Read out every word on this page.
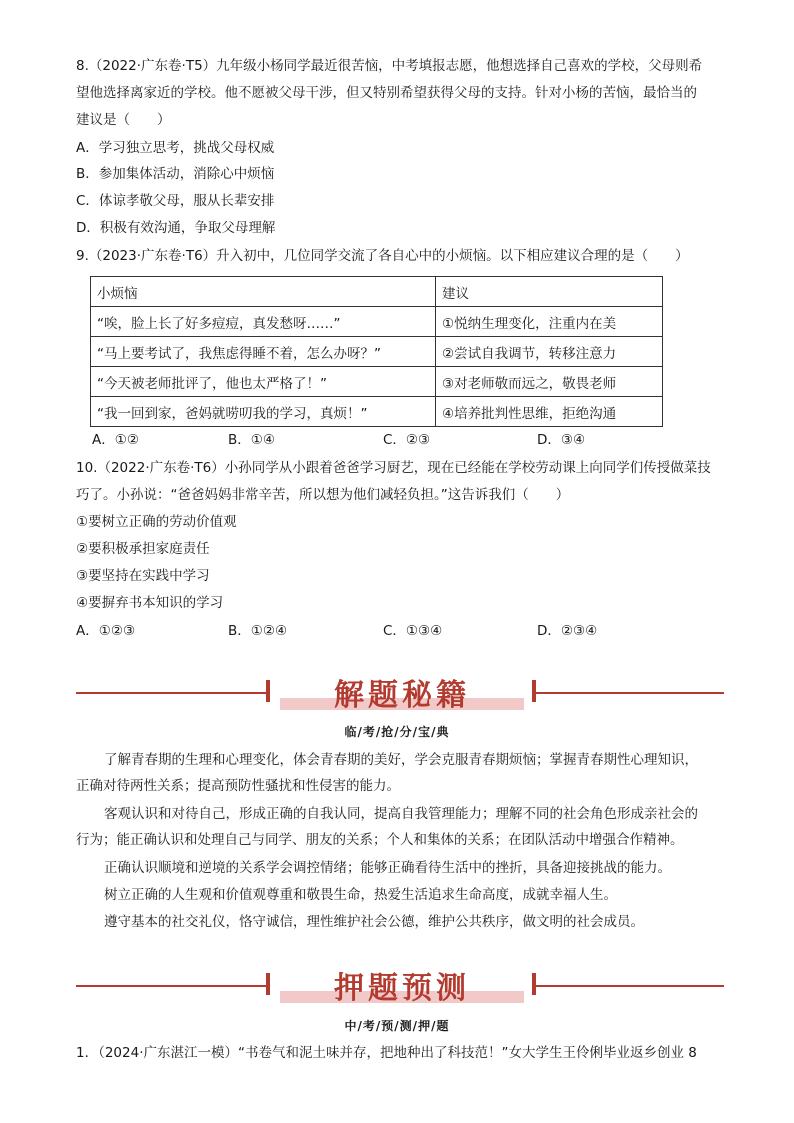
8.（2022·广东卷·T5）九年级小杨同学最近很苦恼，中考填报志愿，他想选择自己喜欢的学校，父母则希
望他选择离家近的学校。他不愿被父母干涉，但又特别希望获得父母的支持。针对小杨的苦恼，最恰当的
建议是（　　）
A．学习独立思考，挑战父母权威
B．参加集体活动，消除心中烦恼
C．体谅孝敬父母，服从长辈安排
D．积极有效沟通，争取父母理解
9.（2023·广东卷·T6）升入初中，几位同学交流了各自心中的小烦恼。以下相应建议合理的是（　　）
小烦恼	建议
“唉，脸上长了好多痘痘，真发愁呀……”	①悦纳生理变化，注重内在美
“马上要考试了，我焦虑得睡不着，怎么办呀？”	②尝试自我调节，转移注意力
“今天被老师批评了，他也太严格了！”	③对老师敬而远之，敬畏老师
“我一回到家，爸妈就唠叨我的学习，真烦！”	④培养批判性思维，拒绝沟通
A．①②	B．①④	C．②③	D．③④
10.（2022·广东卷·T6）小孙同学从小跟着爸爸学习厨艺，现在已经能在学校劳动课上向同学们传授做菜技
巧了。小孙说：“爸爸妈妈非常辛苦，所以想为他们减轻负担。”这告诉我们（　　）
①要树立正确的劳动价值观
②要积极承担家庭责任
③要坚持在实践中学习
④要摒弃书本知识的学习
A．①②③	B．①②④	C．①③④	D．②③④
解题秘籍
临/考/抢/分/宝/典
了解青春期的生理和心理变化，体会青春期的美好，学会克服青春期烦恼；掌握青春期性心理知识，
正确对待两性关系；提高预防性骚扰和性侵害的能力。
客观认识和对待自己，形成正确的自我认同，提高自我管理能力；理解不同的社会角色形成亲社会的
行为；能正确认识和处理自己与同学、朋友的关系；个人和集体的关系；在团队活动中增强合作精神。
正确认识顺境和逆境的关系学会调控情绪；能够正确看待生活中的挫折，具备迎接挑战的能力。
树立正确的人生观和价值观尊重和敬畏生命，热爱生活追求生命高度，成就幸福人生。
遵守基本的社交礼仪，恪守诚信，理性维护社会公德，维护公共秩序，做文明的社会成员。
押题预测
中/考/预/测/押/题
1．（2024·广东湛江一模）“书卷气和泥土味并存，把地种出了科技范！”女大学生王伶俐毕业返乡创业 8
